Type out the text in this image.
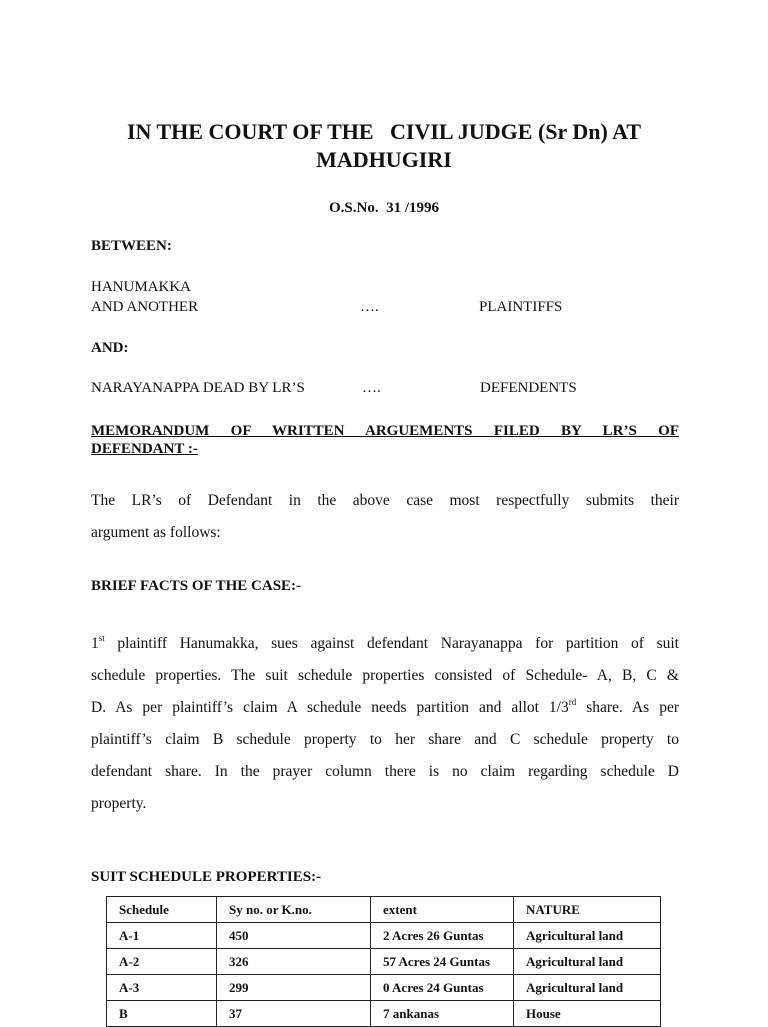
IN THE COURT OF THE   CIVIL JUDGE (Sr Dn) AT
MADHUGIRI
O.S.No.  31 /1996
BETWEEN:
HANUMAKKA
AND ANOTHER	….	PLAINTIFFS
AND:
NARAYANAPPA DEAD BY LR’S	….	DEFENDENTS
MEMORANDUM OF WRITTEN ARGUEMENTS FILED BY LR’S OF
DEFENDANT :-
The LR’s of Defendant in the above case most respectfully submits their
argument as follows:
BRIEF FACTS OF THE CASE:-
1st plaintiff Hanumakka, sues against defendant Narayanappa for partition of suit
schedule properties. The suit schedule properties consisted of Schedule- A, B, C &
D. As per plaintiff’s claim A schedule needs partition and allot 1/3rd share. As per
plaintiff’s claim B schedule property to her share and C schedule property to
defendant share. In the prayer column there is no claim regarding schedule D
property.
SUIT SCHEDULE PROPERTIES:-
Schedule	Sy no. or K.no.	extent	NATURE
A-1	450	2 Acres 26 Guntas	Agricultural land
A-2	326	57 Acres 24 Guntas	Agricultural land
A-3	299	0 Acres 24 Guntas	Agricultural land
B	37	7 ankanas	House
